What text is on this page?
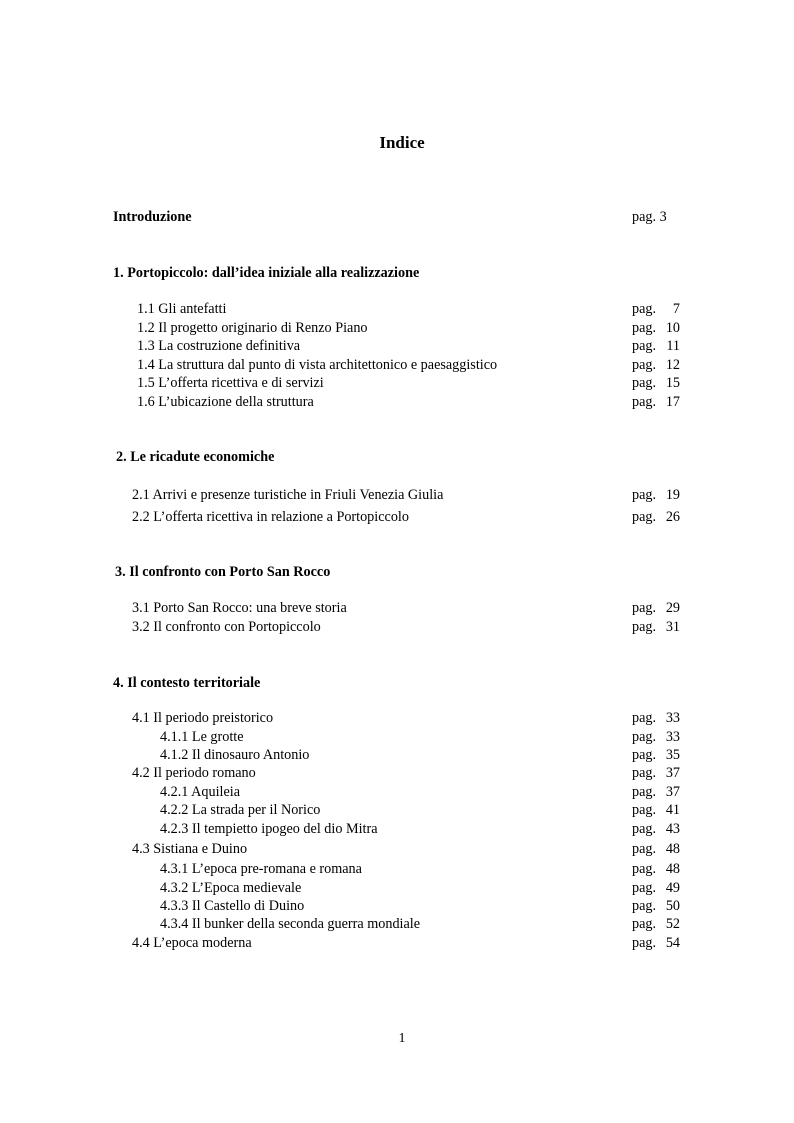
Indice
Introduzione	pag. 3
1. Portopiccolo: dall’idea iniziale alla realizzazione
1.1 Gli antefatti	pag. 7
1.2 Il progetto originario di Renzo Piano	pag. 10
1.3 La costruzione definitiva	pag. 11
1.4 La struttura dal punto di vista architettonico e paesaggistico	pag. 12
1.5 L’offerta ricettiva e di servizi	pag. 15
1.6 L’ubicazione della struttura	pag. 17
2. Le ricadute economiche
2.1 Arrivi e presenze turistiche in Friuli Venezia Giulia	pag. 19
2.2 L’offerta ricettiva in relazione a Portopiccolo	pag. 26
3. Il confronto con Porto San Rocco
3.1 Porto San Rocco: una breve storia	pag. 29
3.2 Il confronto con Portopiccolo	pag. 31
4. Il contesto territoriale
4.1 Il periodo preistorico	pag. 33
4.1.1 Le grotte	pag. 33
4.1.2 Il dinosauro Antonio	pag. 35
4.2 Il periodo romano	pag. 37
4.2.1 Aquileia	pag. 37
4.2.2 La strada per il Norico	pag. 41
4.2.3 Il tempietto ipogeo del dio Mitra	pag. 43
4.3 Sistiana e Duino	pag. 48
4.3.1 L’epoca pre-romana e romana	pag. 48
4.3.2 L’Epoca medievale	pag. 49
4.3.3 Il Castello di Duino	pag. 50
4.3.4 Il bunker della seconda guerra mondiale	pag. 52
4.4 L’epoca moderna	pag. 54
1
